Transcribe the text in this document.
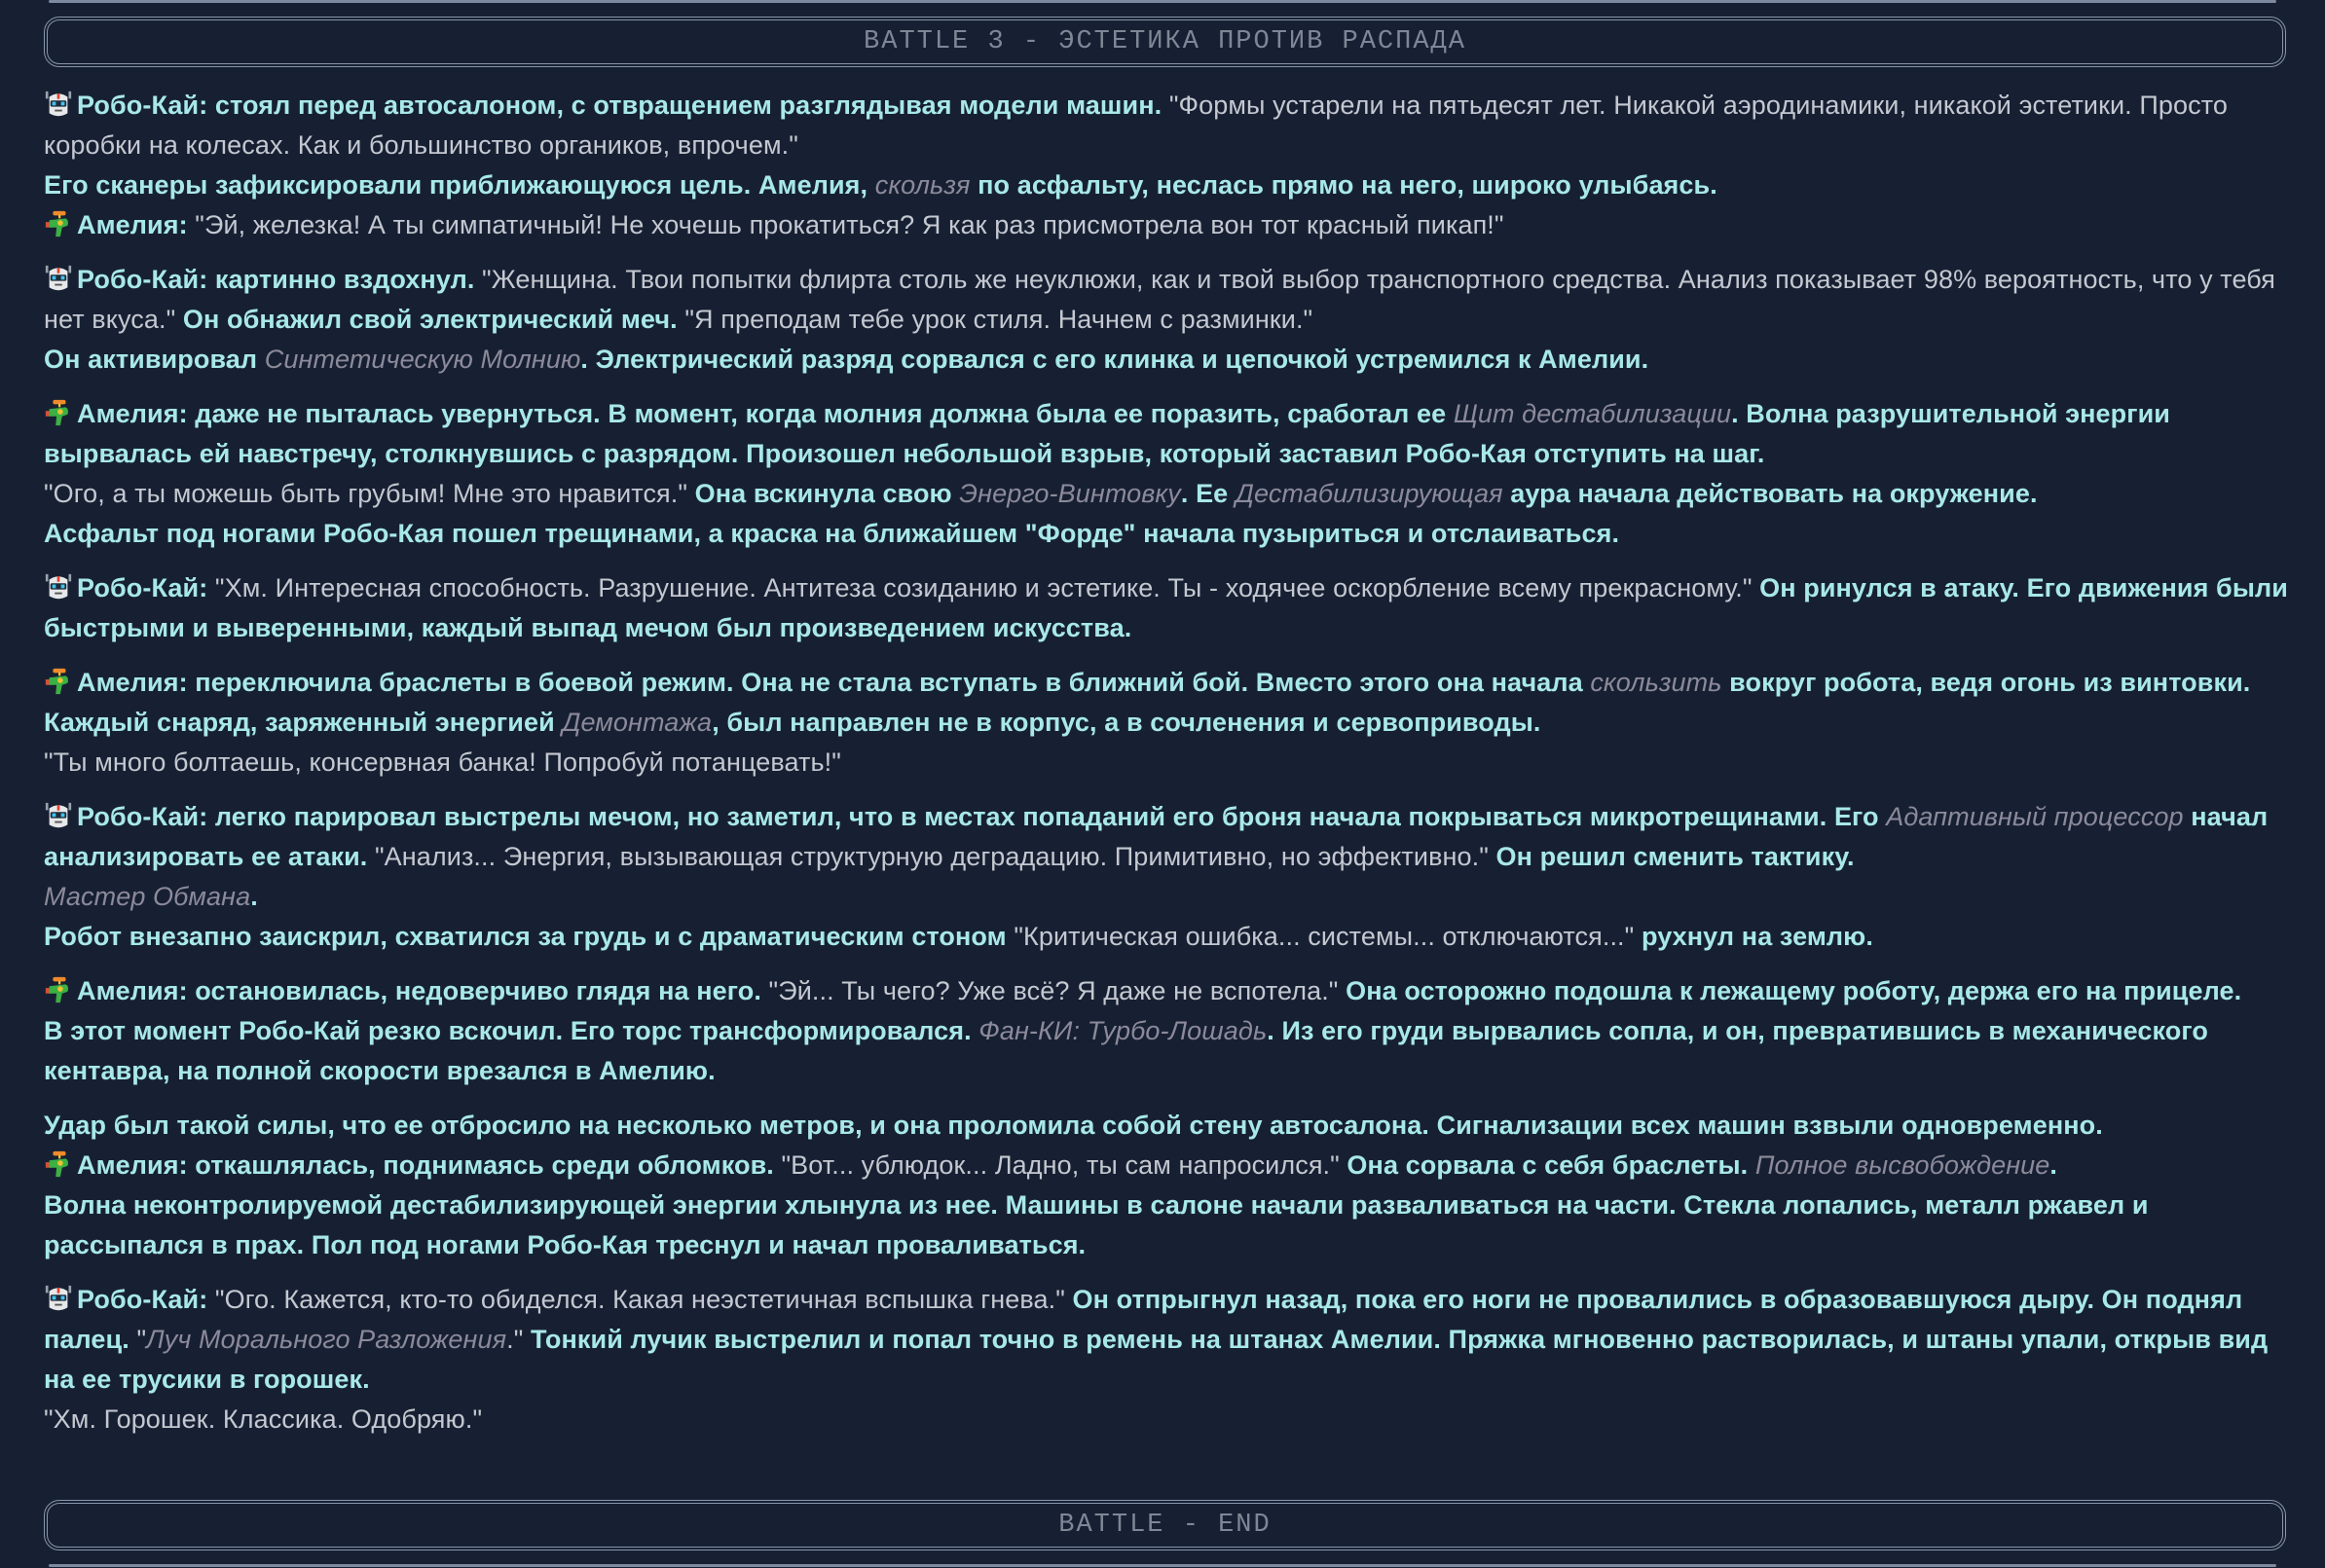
BATTLE 3 - ЭСТЕТИКА ПРОТИВ РАСПАДА
Робо-Кай: стоял перед автосалоном, с отвращением разглядывая модели машин. "Формы устарели на пятьдесят лет. Никакой аэродинамики, никакой эстетики. Просто коробки на колесах. Как и большинство органиков, впрочем."
Его сканеры зафиксировали приближающуюся цель. Амелия, скользя по асфальту, неслась прямо на него, широко улыбаясь.
Амелия: "Эй, железка! А ты симпатичный! Не хочешь прокатиться? Я как раз присмотрела вон тот красный пикап!"
Робо-Кай: картинно вздохнул. "Женщина. Твои попытки флирта столь же неуклюжи, как и твой выбор транспортного средства. Анализ показывает 98% вероятность, что у тебя нет вкуса." Он обнажил свой электрический меч. "Я преподам тебе урок стиля. Начнем с разминки."
Он активировал Синтетическую Молнию. Электрический разряд сорвался с его клинка и цепочкой устремился к Амелии.
Амелия: даже не пыталась увернуться. В момент, когда молния должна была ее поразить, сработал ее Щит дестабилизации. Волна разрушительной энергии вырвалась ей навстречу, столкнувшись с разрядом. Произошел небольшой взрыв, который заставил Робо-Кая отступить на шаг.
"Ого, а ты можешь быть грубым! Мне это нравится." Она вскинула свою Энерго-Винтовку. Ее Дестабилизирующая аура начала действовать на окружение.
Асфальт под ногами Робо-Кая пошел трещинами, а краска на ближайшем "Форде" начала пузыриться и отслаиваться.
Робо-Кай: "Хм. Интересная способность. Разрушение. Антитеза созиданию и эстетике. Ты - ходячее оскорбление всему прекрасному." Он ринулся в атаку. Его движения были быстрыми и выверенными, каждый выпад мечом был произведением искусства.
Амелия: переключила браслеты в боевой режим. Она не стала вступать в ближний бой. Вместо этого она начала скользить вокруг робота, ведя огонь из винтовки. Каждый снаряд, заряженный энергией Демонтажа, был направлен не в корпус, а в сочленения и сервоприводы.
"Ты много болтаешь, консервная банка! Попробуй потанцевать!"
Робо-Кай: легко парировал выстрелы мечом, но заметил, что в местах попаданий его броня начала покрываться микротрещинами. Его Адаптивный процессор начал анализировать ее атаки. "Анализ... Энергия, вызывающая структурную деградацию. Примитивно, но эффективно." Он решил сменить тактику.
Мастер Обмана.
Робот внезапно заискрил, схватился за грудь и с драматическим стоном "Критическая ошибка... системы... отключаются..." рухнул на землю.
Амелия: остановилась, недоверчиво глядя на него. "Эй... Ты чего? Уже всё? Я даже не вспотела." Она осторожно подошла к лежащему роботу, держа его на прицеле.
В этот момент Робо-Кай резко вскочил. Его торс трансформировался. Фан-КИ: Турбо-Лошадь. Из его груди вырвались сопла, и он, превратившись в механического кентавра, на полной скорости врезался в Амелию.
Удар был такой силы, что ее отбросило на несколько метров, и она проломила собой стену автосалона. Сигнализации всех машин взвыли одновременно.
Амелия: откашлялась, поднимаясь среди обломков. "Вот... ублюдок... Ладно, ты сам напросился." Она сорвала с себя браслеты. Полное высвобождение.
Волна неконтролируемой дестабилизирующей энергии хлынула из нее. Машины в салоне начали разваливаться на части. Стекла лопались, металл ржавел и рассыпался в прах. Пол под ногами Робо-Кая треснул и начал проваливаться.
Робо-Кай: "Ого. Кажется, кто-то обиделся. Какая неэстетичная вспышка гнева." Он отпрыгнул назад, пока его ноги не провалились в образовавшуюся дыру. Он поднял палец. "Луч Морального Разложения." Тонкий лучик выстрелил и попал точно в ремень на штанах Амелии. Пряжка мгновенно растворилась, и штаны упали, открыв вид на ее трусики в горошек.
"Хм. Горошек. Классика. Одобряю."
BATTLE - END
